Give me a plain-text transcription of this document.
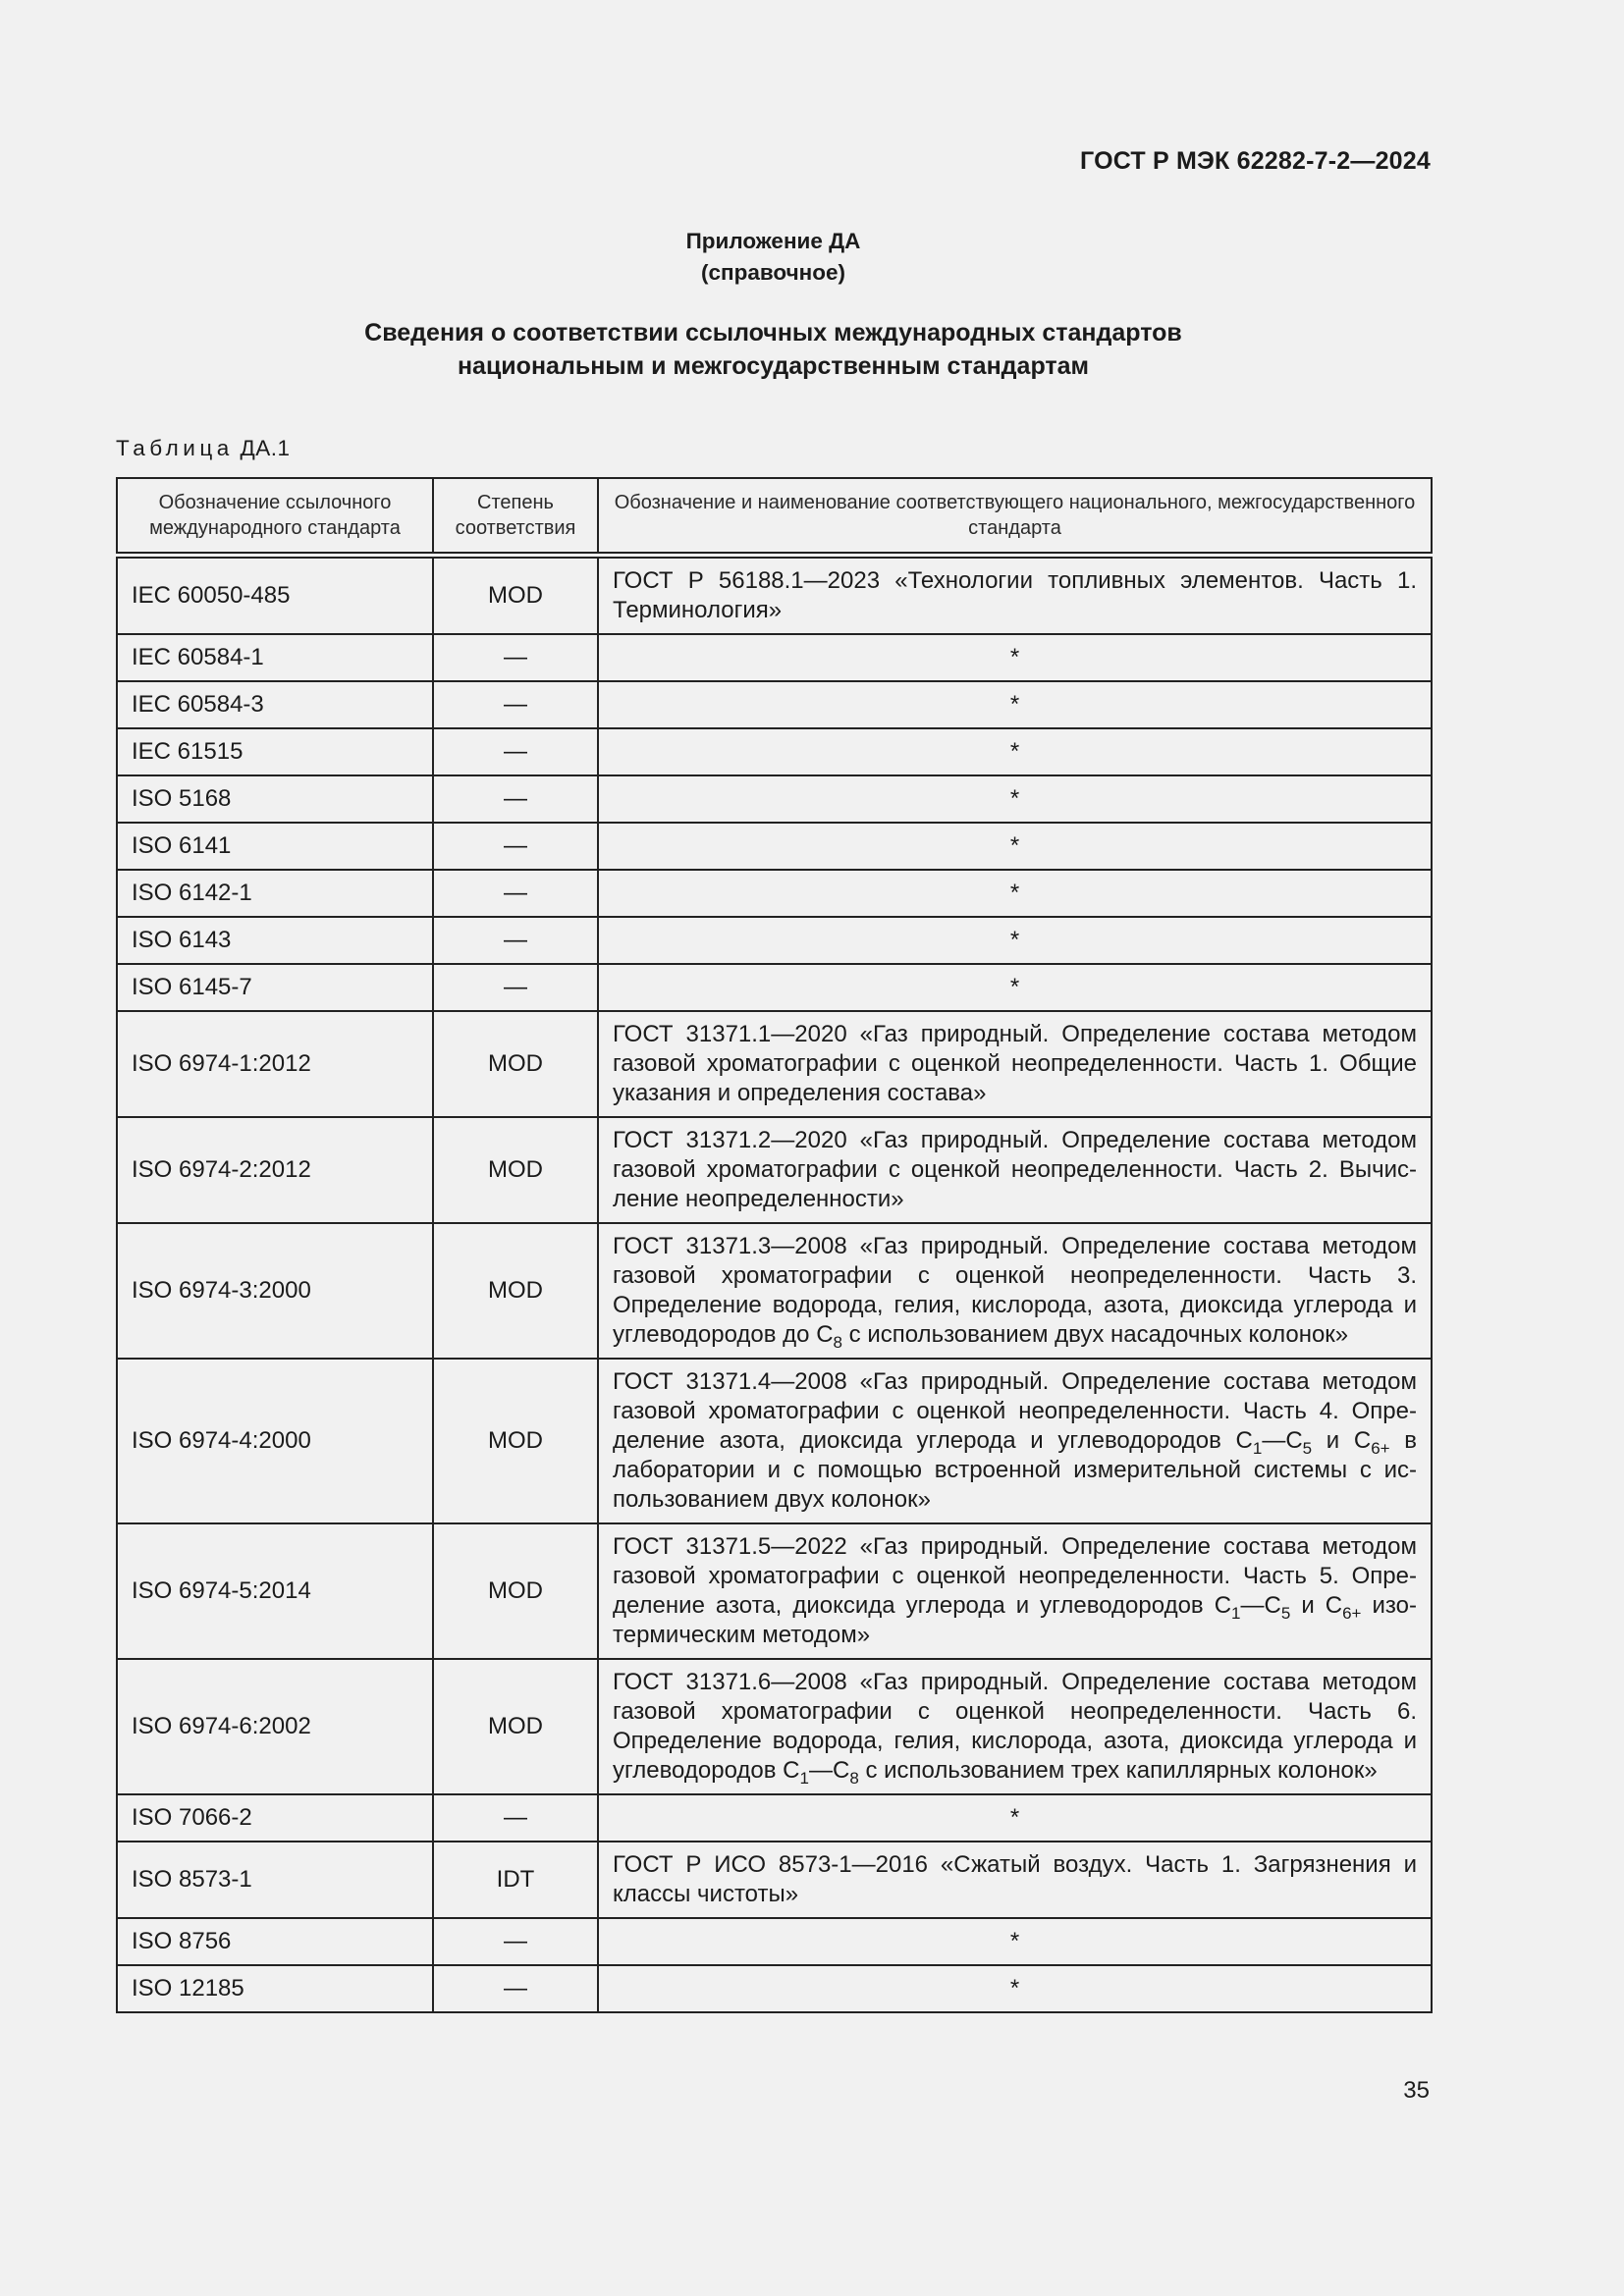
ГОСТ Р МЭК 62282-7-2—2024
Приложение ДА
(справочное)
Сведения о соответствии ссылочных международных стандартов
национальным и межгосударственным стандартам
Таблица ДА.1
Обозначение ссылочного международного стандарта	Степень соответствия	Обозначение и наименование соответствующего национального, межгосударственного стандарта
IEC 60050-485	MOD	ГОСТ Р 56188.1—2023 «Технологии топливных элементов. Часть 1. Терминология»
IEC 60584-1	—	*
IEC 60584-3	—	*
IEC 61515	—	*
ISO 5168	—	*
ISO 6141	—	*
ISO 6142-1	—	*
ISO 6143	—	*
ISO 6145-7	—	*
ISO 6974-1:2012	MOD	ГОСТ 31371.1—2020 «Газ природный. Определение состава методом газовой хроматографии с оценкой неопределенности. Часть 1. Общие указания и определения состава»
ISO 6974-2:2012	MOD	ГОСТ 31371.2—2020 «Газ природный. Определение состава методом газовой хроматографии с оценкой неопределенности. Часть 2. Вычисление неопределенности»
ISO 6974-3:2000	MOD	ГОСТ 31371.3—2008 «Газ природный. Определение состава методом газовой хроматографии с оценкой неопределенности. Часть 3. Определение водорода, гелия, кислорода, азота, диоксида углерода и углеводородов до $С_8$ с использованием двух насадочных колонок»
ISO 6974-4:2000	MOD	ГОСТ 31371.4—2008 «Газ природный. Определение состава методом газовой хроматографии с оценкой неопределенности. Часть 4. Определение азота, диоксида углерода и углеводородов $С_1—С_5$ и $С_{6+}$ в лаборатории и с помощью встроенной измерительной системы с использованием двух колонок»
ISO 6974-5:2014	MOD	ГОСТ 31371.5—2022 «Газ природный. Определение состава методом газовой хроматографии с оценкой неопределенности. Часть 5. Определение азота, диоксида углерода и углеводородов $С_1—С_5$ и $С_{6+}$ изотермическим методом»
ISO 6974-6:2002	MOD	ГОСТ 31371.6—2008 «Газ природный. Определение состава методом газовой хроматографии с оценкой неопределенности. Часть 6. Определение водорода, гелия, кислорода, азота, диоксида углерода и углеводородов $С_1—С_8$ с использованием трех капиллярных колонок»
ISO 7066-2	—	*
ISO 8573-1	IDT	ГОСТ Р ИСО 8573-1—2016 «Сжатый воздух. Часть 1. Загрязнения и классы чистоты»
ISO 8756	—	*
ISO 12185	—	*
35
